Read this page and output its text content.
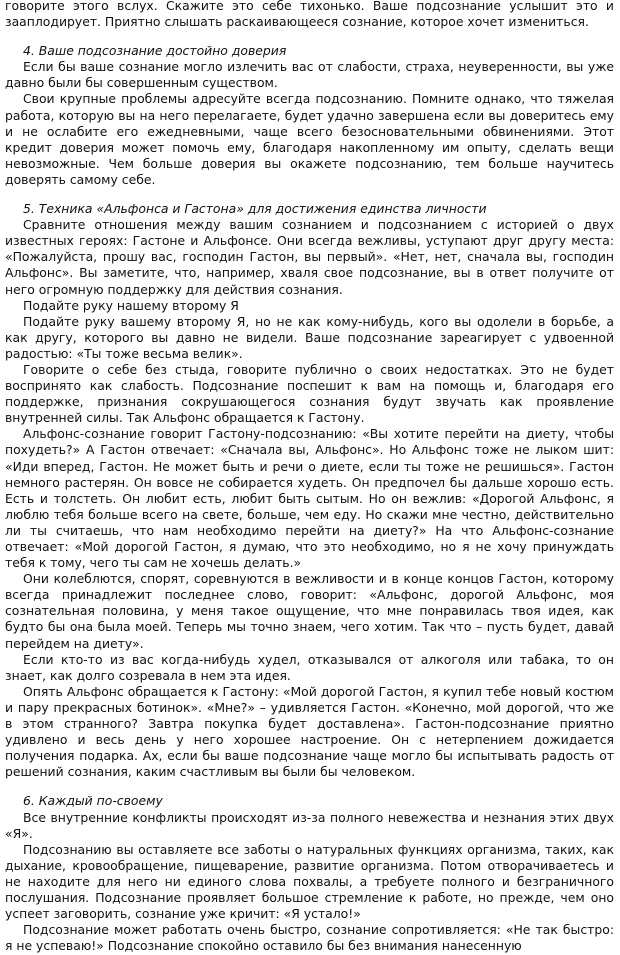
говорите этого вслух. Скажите это себе тихонько. Ваше подсознание услышит это и зааплодирует. Приятно слышать раскаивающееся сознание, которое хочет измениться.

4. Ваше подсознание достойно доверия

Если бы ваше сознание могло излечить вас от слабости, страха, неуверенности, вы уже давно были бы совершенным существом.

Свои крупные проблемы адресуйте всегда подсознанию. Помните однако, что тяжелая работа, которую вы на него перелагаете, будет удачно завершена если вы доверитесь ему и не ослабите его ежедневными, чаще всего безосновательными обвинениями. Этот кредит доверия может помочь ему, благодаря накопленному им опыту, сделать вещи невозможные. Чем больше доверия вы окажете подсознанию, тем больше научитесь доверять самому себе.

5. Техника «Альфонса и Гастона» для достижения единства личности

Сравните отношения между вашим сознанием и подсознанием с историей о двух известных героях: Гастоне и Альфонсе. Они всегда вежливы, уступают друг другу места: «Пожалуйста, прошу вас, господин Гастон, вы первый». «Нет, нет, сначала вы, господин Альфонс». Вы заметите, что, например, хваля свое подсознание, вы в ответ получите от него огромную поддержку для действия сознания.

Подайте руку нашему второму Я

Подайте руку вашему второму Я, но не как кому-нибудь, кого вы одолели в борьбе, а как другу, которого вы давно не видели. Ваше подсознание зареагирует с удвоенной радостью: «Ты тоже весьма велик».

Говорите о себе без стыда, говорите публично о своих недостатках. Это не будет воспринято как слабость. Подсознание поспешит к вам на помощь и, благодаря его поддержке, признания сокрушающегося сознания будут звучать как проявление внутренней силы. Так Альфонс обращается к Гастону.

Альфонс-сознание говорит Гастону-подсознанию: «Вы хотите перейти на диету, чтобы похудеть?» А Гастон отвечает: «Сначала вы, Альфонс». Но Альфонс тоже не лыком шит: «Иди вперед, Гастон. Не может быть и речи о диете, если ты тоже не решишься». Гастон немного растерян. Он вовсе не собирается худеть. Он предпочел бы дальше хорошо есть. Есть и толстеть. Он любит есть, любит быть сытым. Но он вежлив: «Дорогой Альфонс, я люблю тебя больше всего на свете, больше, чем еду. Но скажи мне честно, действительно ли ты считаешь, что нам необходимо перейти на диету?» На что Альфонс-сознание отвечает: «Мой дорогой Гастон, я думаю, что это необходимо, но я не хочу принуждать тебя к тому, чего ты сам не хочешь делать.»

Они колеблются, спорят, соревнуются в вежливости и в конце концов Гастон, которому всегда принадлежит последнее слово, говорит: «Альфонс, дорогой Альфонс, моя сознательная половина, у меня такое ощущение, что мне понравилась твоя идея, как будто бы она была моей. Теперь мы точно знаем, чего хотим. Так что – пусть будет, давай перейдем на диету».

Если кто-то из вас когда-нибудь худел, отказывался от алкоголя или табака, то он знает, как долго созревала в нем эта идея.

Опять Альфонс обращается к Гастону: «Мой дорогой Гастон, я купил тебе новый костюм и пару прекрасных ботинок». «Мне?» – удивляется Гастон. «Конечно, мой дорогой, что же в этом странного? Завтра покупка будет доставлена». Гастон-подсознание приятно удивлено и весь день у него хорошее настроение. Он с нетерпением дожидается получения подарка. Ах, если бы ваше подсознание чаще могло бы испытывать радость от решений сознания, каким счастливым вы были бы человеком.

6. Каждый по-своему

Все внутренние конфликты происходят из-за полного невежества и незнания этих двух «Я».

Подсознанию вы оставляете все заботы о натуральных функциях организма, таких, как дыхание, кровообращение, пищеварение, развитие организма. Потом отворачиваетесь и не находите для него ни единого слова похвалы, а требуете полного и безграничного послушания. Подсознание проявляет большое стремление к работе, но прежде, чем оно успеет заговорить, сознание уже кричит: «Я устало!»

Подсознание может работать очень быстро, сознание сопротивляется: «Не так быстро: я не успеваю!» Подсознание спокойно оставило бы без внимания нанесенную
